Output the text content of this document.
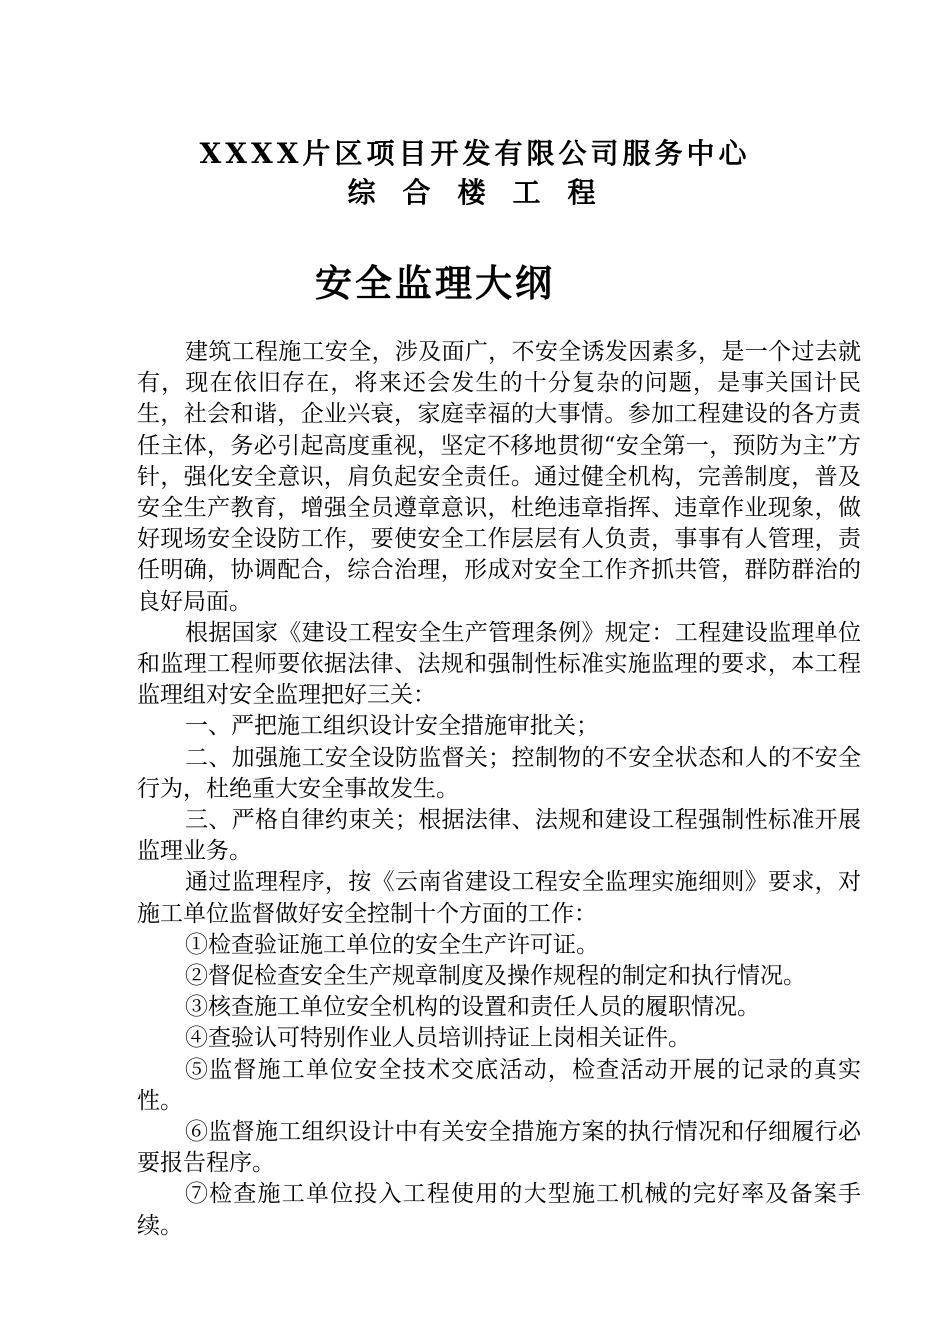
XXXX片区项目开发有限公司服务中心
综合楼工程
安全监理大纲

建筑工程施工安全，涉及面广，不安全诱发因素多，是一个过去就有，现在依旧存在，将来还会发生的十分复杂的问题，是事关国计民生，社会和谐，企业兴衰，家庭幸福的大事情。参加工程建设的各方责任主体，务必引起高度重视，坚定不移地贯彻“安全第一，预防为主”方针，强化安全意识，肩负起安全责任。通过健全机构，完善制度，普及安全生产教育，增强全员遵章意识，杜绝违章指挥、违章作业现象，做好现场安全设防工作，要使安全工作层层有人负责，事事有人管理，责任明确，协调配合，综合治理，形成对安全工作齐抓共管，群防群治的良好局面。

根据国家《建设工程安全生产管理条例》规定：工程建设监理单位和监理工程师要依据法律、法规和强制性标准实施监理的要求，本工程监理组对安全监理把好三关：

一、严把施工组织设计安全措施审批关；

二、加强施工安全设防监督关；控制物的不安全状态和人的不安全行为，杜绝重大安全事故发生。

三、严格自律约束关；根据法律、法规和建设工程强制性标准开展监理业务。

通过监理程序，按《云南省建设工程安全监理实施细则》要求，对施工单位监督做好安全控制十个方面的工作：

①检查验证施工单位的安全生产许可证。

②督促检查安全生产规章制度及操作规程的制定和执行情况。

③核查施工单位安全机构的设置和责任人员的履职情况。

④查验认可特别作业人员培训持证上岗相关证件。

⑤监督施工单位安全技术交底活动，检查活动开展的记录的真实性。

⑥监督施工组织设计中有关安全措施方案的执行情况和仔细履行必要报告程序。

⑦检查施工单位投入工程使用的大型施工机械的完好率及备案手续。
